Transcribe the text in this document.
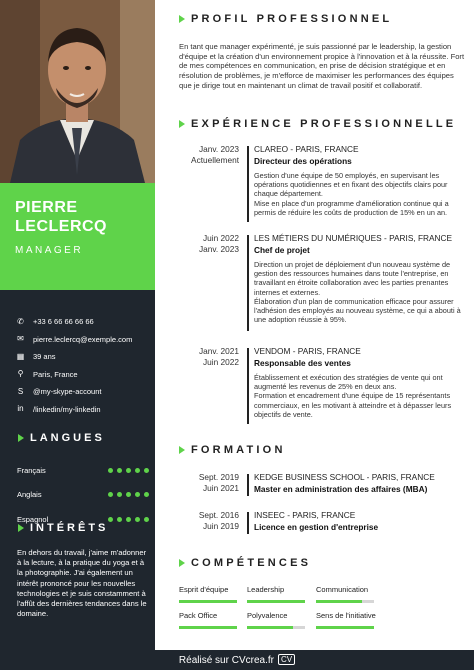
PIERRE
LECLERCQ
MANAGER
✆	+33 6 66 66 66 66
✉	pierre.leclercq@exemple.com
▦	39 ans
⚲	Paris, France
S	@my-skype-account
in	/linkedin/my-linkedin
LANGUES
Français
Anglais
Espagnol
INTÉRÊTS
En dehors du travail, j'aime m'adonner à la lecture, à la pratique du yoga et à la photographie. J'ai également un intérêt prononcé pour les nouvelles technologies et je suis constamment à l'affût des dernières tendances dans le domaine.
PROFIL PROFESSIONNEL
En tant que manager expérimenté, je suis passionné par le leadership, la gestion d'équipe et la création d'un environnement propice à l'innovation et à la réussite. Fort de mes compétences en communication, en prise de décision stratégique et en résolution de problèmes, je m'efforce de maximiser les performances des équipes que je dirige tout en maintenant un climat de travail positif et collaboratif.
EXPÉRIENCE PROFESSIONNELLE
Janv. 2023
Actuellement
CLAREO - PARIS, FRANCE
Directeur des opérations
Gestion d'une équipe de 50 employés, en supervisant les opérations quotidiennes et en fixant des objectifs clairs pour chaque département.
Mise en place d'un programme d'amélioration continue qui a permis de réduire les coûts de production de 15% en un an.
Juin 2022
Janv. 2023
LES MÉTIERS DU NUMÉRIQUES - PARIS, FRANCE
Chef de projet
Direction un projet de déploiement d'un nouveau système de gestion des ressources humaines dans toute l'entreprise, en travaillant en étroite collaboration avec les parties prenantes internes et externes.
Élaboration d'un plan de communication efficace pour assurer l'adhésion des employés au nouveau système, ce qui a abouti à une adoption réussie à 95%.
Janv. 2021
Juin 2022
VENDOM - PARIS, FRANCE
Responsable des ventes
Établissement et exécution des stratégies de vente qui ont augmenté les revenus de 25% en deux ans.
Formation et encadrement d'une équipe de 15 représentants commerciaux, en les motivant à atteindre et à dépasser leurs objectifs de vente.
FORMATION
Sept. 2019
Juin 2021
KEDGE BUSINESS SCHOOL - PARIS, FRANCE
Master en administration des affaires (MBA)
Sept. 2016
Juin 2019
INSEEC - PARIS, FRANCE
Licence en gestion d'entreprise
COMPÉTENCES
Esprit d'équipe	Leadership	Communication
Pack Office	Polyvalence	Sens de l'initiative
Réalisé sur CVcrea.fr CV
